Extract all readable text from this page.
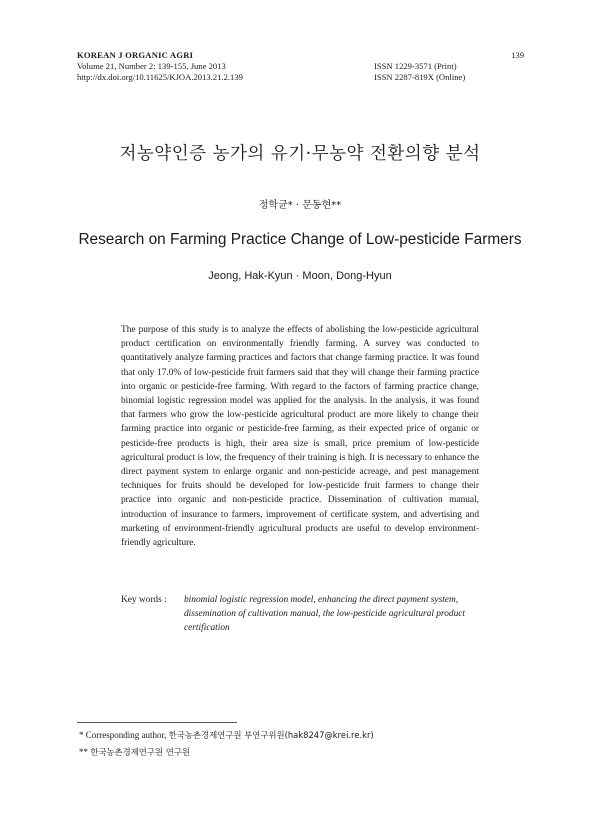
KOREAN J ORGANIC AGRI
Volume 21, Number 2: 139-155, June 2013
http://dx.doi.org/10.11625/KJOA.2013.21.2.139
139
ISSN 1229-3571 (Print)
ISSN 2287-819X (Online)
저농약인증 농가의 유기·무농약 전환의향 분석
정학균* · 문동현**
Research on Farming Practice Change of Low-pesticide Farmers
Jeong, Hak-Kyun · Moon, Dong-Hyun

The purpose of this study is to analyze the effects of abolishing the low-pesticide agricultural product certification on environmentally friendly farming. A survey was conducted to quantitatively analyze farming practices and factors that change farming practice. It was found that only 17.0% of low-pesticide fruit farmers said that they will change their farming practice into organic or pesticide-free farming. With regard to the factors of farming practice change, binomial logistic regression model was applied for the analysis. In the analysis, it was found that farmers who grow the low-pesticide agricultural product are more likely to change their farming practice into organic or pesticide-free farming, as their expected price of organic or pesticide-free products is high, their area size is small, price premium of low-pesticide agricultural product is low, the frequency of their training is high. It is necessary to enhance the direct payment system to enlarge organic and non-pesticide acreage, and pest management techniques for fruits should be developed for low-pesticide fruit farmers to change their practice into organic and non-pesticide practice. Dissemination of cultivation manual, introduction of insurance to farmers, improvement of certificate system, and advertising and marketing of environment-friendly agricultural products are useful to develop environment-friendly agriculture.

Key words : binomial logistic regression model, enhancing the direct payment system, dissemination of cultivation manual, the low-pesticide agricultural product certification
* Corresponding author, 한국농촌경제연구원 부연구위원(hak8247@krei.re.kr)
** 한국농촌경제연구원 연구원
